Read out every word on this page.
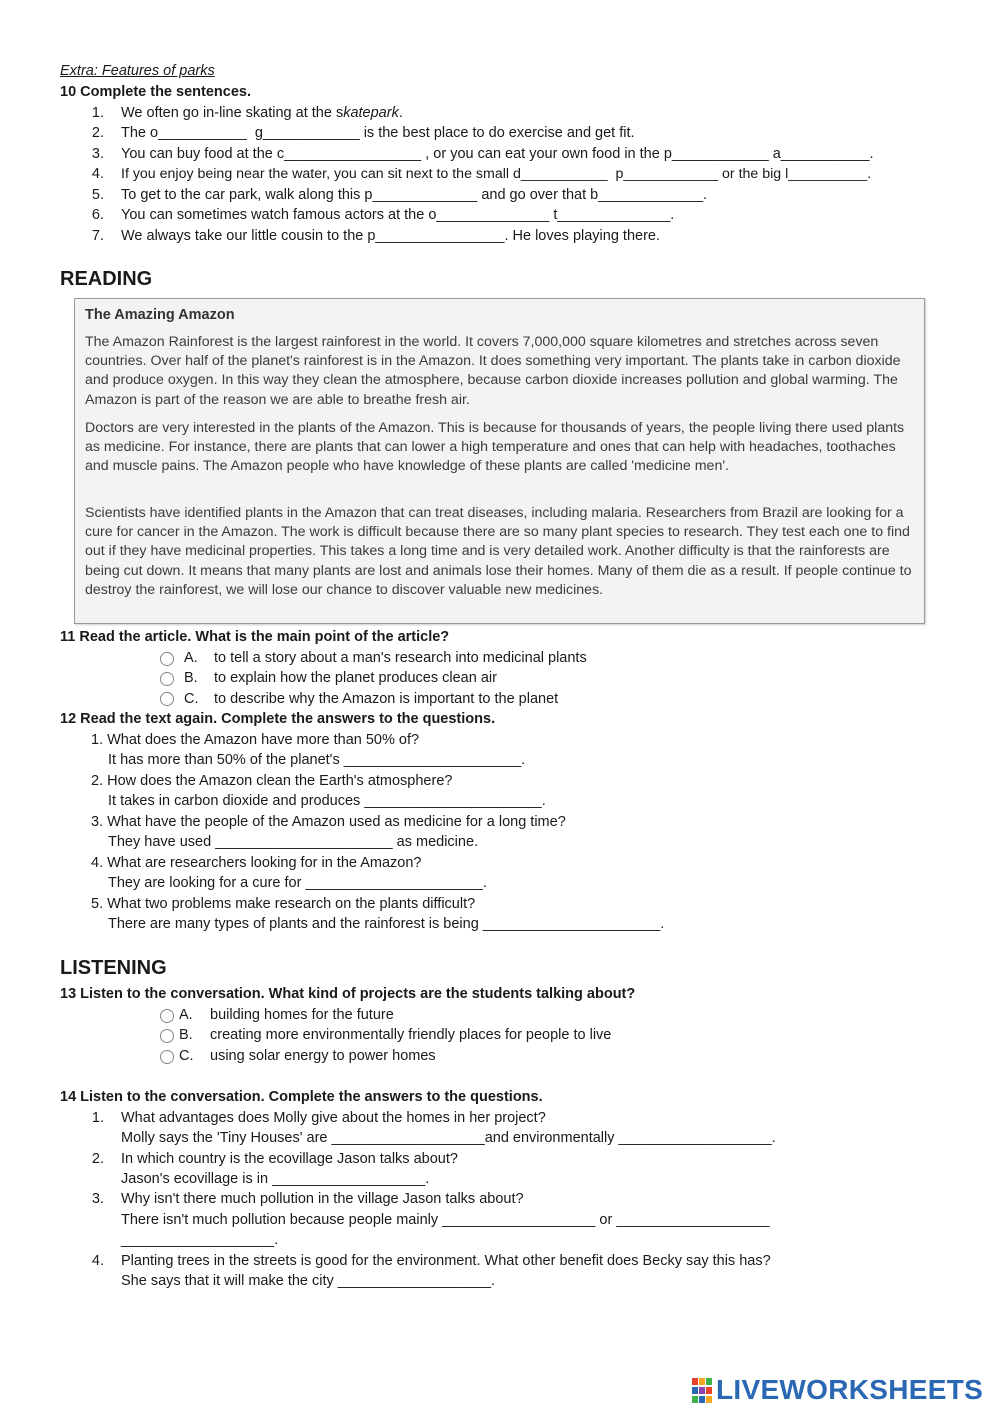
Extra: Features of parks
10 Complete the sentences.
1. We often go in-line skating at the skatepark.
2. The o___________  g____________ is the best place to do exercise and get fit.
3. You can buy food at the c_________________ , or you can eat your own food in the p____________ a___________.
4. If you enjoy being near the water, you can sit next to the small d___________  p____________ or the big l__________.
5. To get to the car park, walk along this p_____________ and go over that b_____________.
6. You can sometimes watch famous actors at the o______________ t______________.
7. We always take our little cousin to the p________________. He loves playing there.
READING
The Amazing Amazon

The Amazon Rainforest is the largest rainforest in the world. It covers 7,000,000 square kilometres and stretches across seven countries. Over half of the planet's rainforest is in the Amazon. It does something very important. The plants take in carbon dioxide and produce oxygen. In this way they clean the atmosphere, because carbon dioxide increases pollution and global warming. The Amazon is part of the reason we are able to breathe fresh air.

Doctors are very interested in the plants of the Amazon. This is because for thousands of years, the people living there used plants as medicine. For instance, there are plants that can lower a high temperature and ones that can help with headaches, toothaches and muscle pains. The Amazon people who have knowledge of these plants are called 'medicine men'.

Scientists have identified plants in the Amazon that can treat diseases, including malaria. Researchers from Brazil are looking for a cure for cancer in the Amazon. The work is difficult because there are so many plant species to research. They test each one to find out if they have medicinal properties. This takes a long time and is very detailed work. Another difficulty is that the rainforests are being cut down. It means that many plants are lost and animals lose their homes. Many of them die as a result. If people continue to destroy the rainforest, we will lose our chance to discover valuable new medicines.

11 Read the article. What is the main point of the article?
A. to tell a story about a man's research into medicinal plants
B. to explain how the planet produces clean air
C. to describe why the Amazon is important to the planet
12 Read the text again. Complete the answers to the questions.
1. What does the Amazon have more than 50% of?
It has more than 50% of the planet's ______________________.
2. How does the Amazon clean the Earth's atmosphere?
It takes in carbon dioxide and produces ______________________.
3. What have the people of the Amazon used as medicine for a long time?
They have used ______________________ as medicine.
4. What are researchers looking for in the Amazon?
They are looking for a cure for ______________________.
5. What two problems make research on the plants difficult?
There are many types of plants and the rainforest is being ______________________.
LISTENING
13 Listen to the conversation. What kind of projects are the students talking about?
A. building homes for the future
B. creating more environmentally friendly places for people to live
C. using solar energy to power homes
14 Listen to the conversation. Complete the answers to the questions.
1. What advantages does Molly give about the homes in her project?
Molly says the 'Tiny Houses' are ___________________and environmentally ___________________.
2. In which country is the ecovillage Jason talks about?
Jason's ecovillage is in ___________________.
3. Why isn't there much pollution in the village Jason talks about?
There isn't much pollution because people mainly ___________________ or ___________________
___________________.
4. Planting trees in the streets is good for the environment. What other benefit does Becky say this has?
She says that it will make the city ___________________.
LIVEWORKSHEETS
